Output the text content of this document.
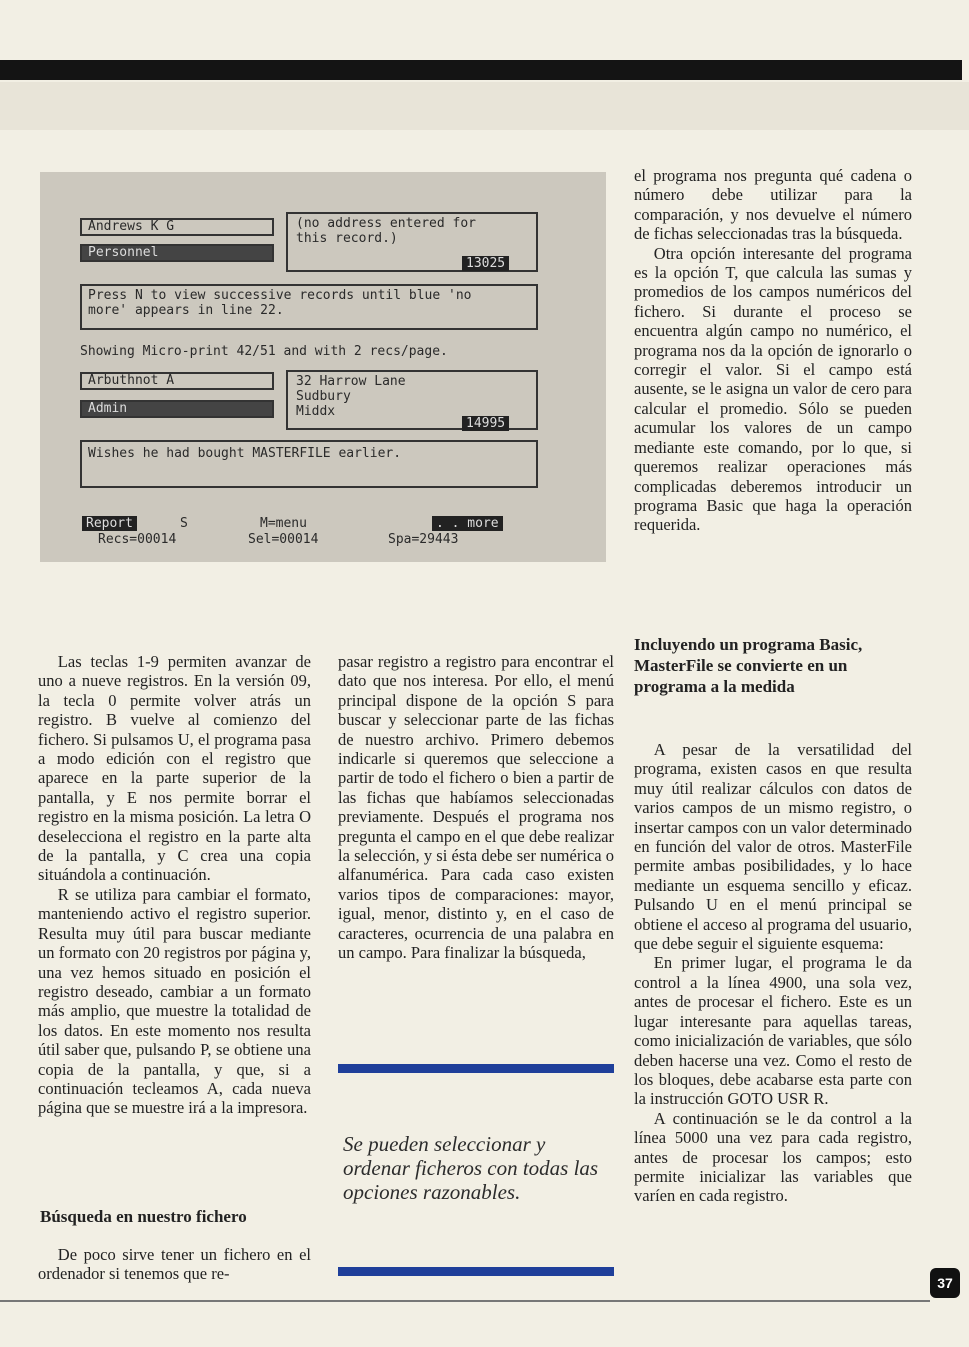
Andrews K G
Personnel
(no address entered for
this record.)
13025
Press N to view successive records until blue 'no
more' appears in line 22.
Showing Micro-print 42/51 and with 2 recs/page.
Arbuthnot A
Admin
32 Harrow Lane
Sudbury
Middx
14995
Wishes he had bought MASTERFILE earlier.
Report	S	M=menu	. . more
Recs=00014	Sel=00014	Spa=29443

el programa nos pregunta qué cadena o número debe utilizar para la comparación, y nos devuelve el número de fichas seleccionadas tras la búsqueda.

Otra opción interesante del programa es la opción T, que calcula las sumas y promedios de los campos numéricos del fichero. Si durante el proceso se encuentra algún campo no numérico, el programa nos da la opción de ignorarlo o corregir el valor. Si el campo está ausente, se le asigna un valor de cero para calcular el promedio. Sólo se pueden acumular los valores de un campo mediante este comando, por lo que, si queremos realizar operaciones más complicadas deberemos introducir un programa Basic que haga la operación requerida.

Las teclas 1-9 permiten avanzar de uno a nueve registros. En la versión 09, la tecla 0 permite volver atrás un registro. B vuelve al comienzo del fichero. Si pulsamos U, el programa pasa a modo edición con el registro que aparece en la parte superior de la pantalla, y E nos permite borrar el registro en la misma posición. La letra O deselecciona el registro en la parte alta de la pantalla, y C crea una copia situándola a continuación.

R se utiliza para cambiar el formato, manteniendo activo el registro superior. Resulta muy útil para buscar mediante un formato con 20 registros por página y, una vez hemos situado en posición el registro deseado, cambiar a un formato más amplio, que muestre la totalidad de los datos. En este momento nos resulta útil saber que, pulsando P, se obtiene una copia de la pantalla, y que, si a continuación tecleamos A, cada nueva página que se muestre irá a la impresora.

Búsqueda en nuestro fichero

De poco sirve tener un fichero en el ordenador si tenemos que re-

pasar registro a registro para encontrar el dato que nos interesa. Por ello, el menú principal dispone de la opción S para buscar y seleccionar parte de las fichas de nuestro archivo. Primero debemos indicarle si queremos que seleccione a partir de todo el fichero o bien a partir de las fichas que habíamos seleccionadas previamente. Después el programa nos pregunta el campo en el que debe realizar la selección, y si ésta debe ser numérica o alfanumérica. Para cada caso existen varios tipos de comparaciones: mayor, igual, menor, distinto y, en el caso de caracteres, ocurrencia de una palabra en un campo. Para finalizar la búsqueda,

Se pueden seleccionar y ordenar ficheros con todas las opciones razonables.
Incluyendo un programa Basic, MasterFile se convierte en un programa a la medida

A pesar de la versatilidad del programa, existen casos en que resulta muy útil realizar cálculos con datos de varios campos de un mismo registro, o insertar campos con un valor determinado en función del valor de otros. MasterFile permite ambas posibilidades, y lo hace mediante un esquema sencillo y eficaz. Pulsando U en el menú principal se obtiene el acceso al programa del usuario, que debe seguir el siguiente esquema:

En primer lugar, el programa le da control a la línea 4900, una sola vez, antes de procesar el fichero. Este es un lugar interesante para aquellas tareas, como inicialización de variables, que sólo deben hacerse una vez. Como el resto de los bloques, debe acabarse esta parte con la instrucción GOTO USR R.

A continuación se le da control a la línea 5000 una vez para cada registro, antes de procesar los campos; esto permite inicializar las variables que varíen en cada registro.

37
